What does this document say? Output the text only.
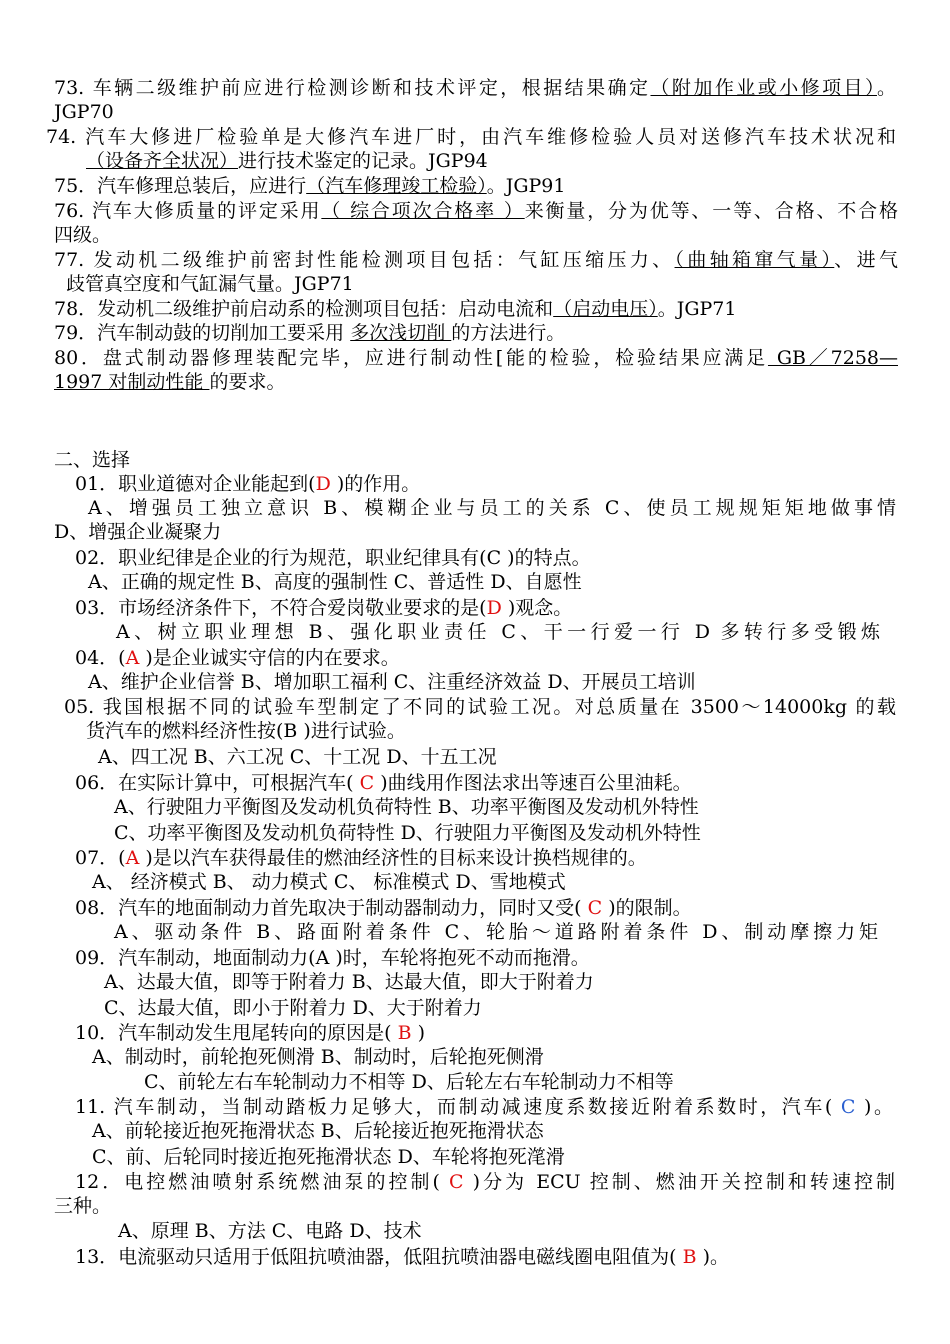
73. 车辆二级维护前应进行检测诊断和技术评定，根据结果确定（附加作业或小修项目）。
JGP70
74. 汽车大修进厂检验单是大修汽车进厂时，由汽车维修检验人员对送修汽车技术状况和
（设备齐全状况）进行技术鉴定的记录。JGP94
75．汽车修理总装后，应进行（汽车修理竣工检验）。JGP91
76. 汽车大修质量的评定采用（ 综合项次合格率 ）来衡量，分为优等、一等、合格、不合格
四级。
77. 发动机二级维护前密封性能检测项目包括：气缸压缩压力、（曲轴箱窜气量）、进气
歧管真空度和气缸漏气量。JGP71
78．发动机二级维护前启动系的检测项目包括：启动电流和（启动电压）。JGP71
79．汽车制动鼓的切削加工要采用 多次浅切削 的方法进行。
80．盘式制动器修理装配完毕，应进行制动性[能的检验，检验结果应满足 GB／7258—
1997 对制动性能 的要求。
二、选择
01．职业道德对企业能起到(D )的作用。
A、增强员工独立意识 B、模糊企业与员工的关系 C、使员工规规矩矩地做事情
D、增强企业凝聚力
02．职业纪律是企业的行为规范，职业纪律具有(C )的特点。
A、正确的规定性 B、高度的强制性 C、普适性 D、自愿性
03．市场经济条件下，不符合爱岗敬业要求的是(D )观念。
A、树立职业理想 B、强化职业责任 C、干一行爱一行 D 多转行多受锻炼
04．(A )是企业诚实守信的内在要求。
A、维护企业信誉 B、增加职工福利 C、注重经济效益 D、开展员工培训
05. 我国根据不同的试验车型制定了不同的试验工况。对总质量在 3500～14000kg 的载
货汽车的燃料经济性按(B )进行试验。
A、四工况 B、六工况 C、十工况 D、十五工况
06．在实际计算中，可根据汽车( C )曲线用作图法求出等速百公里油耗。
A、行驶阻力平衡图及发动机负荷特性 B、功率平衡图及发动机外特性
C、功率平衡图及发动机负荷特性 D、行驶阻力平衡图及发动机外特性
07．(A )是以汽车获得最佳的燃油经济性的目标来设计换档规律的。
A、 经济模式 B、 动力模式 C、 标准模式 D、雪地模式
08．汽车的地面制动力首先取决于制动器制动力，同时又受( C )的限制。
A、驱动条件 B、路面附着条件 C、轮胎～道路附着条件 D、制动摩擦力矩
09．汽车制动，地面制动力(A )时，车轮将抱死不动而拖滑。
A、达最大值，即等于附着力 B、达最大值，即大于附着力
C、达最大值，即小于附着力 D、大于附着力
10．汽车制动发生甩尾转向的原因是( B )
A、制动时，前轮抱死侧滑 B、制动时，后轮抱死侧滑
C、前轮左右车轮制动力不相等 D、后轮左右车轮制动力不相等
11. 汽车制动，当制动踏板力足够大，而制动减速度系数接近附着系数时，汽车( C )。
A、前轮接近抱死拖滑状态 B、后轮接近抱死拖滑状态
C、前、后轮同时接近抱死拖滑状态 D、车轮将抱死滗滑
12．电控燃油喷射系统燃油泵的控制( C )分为 ECU 控制、燃油开关控制和转速控制
三种。
A、原理 B、方法 C、电路 D、技术
13．电流驱动只适用于低阻抗喷油器，低阻抗喷油器电磁线圈电阻值为( B )。
